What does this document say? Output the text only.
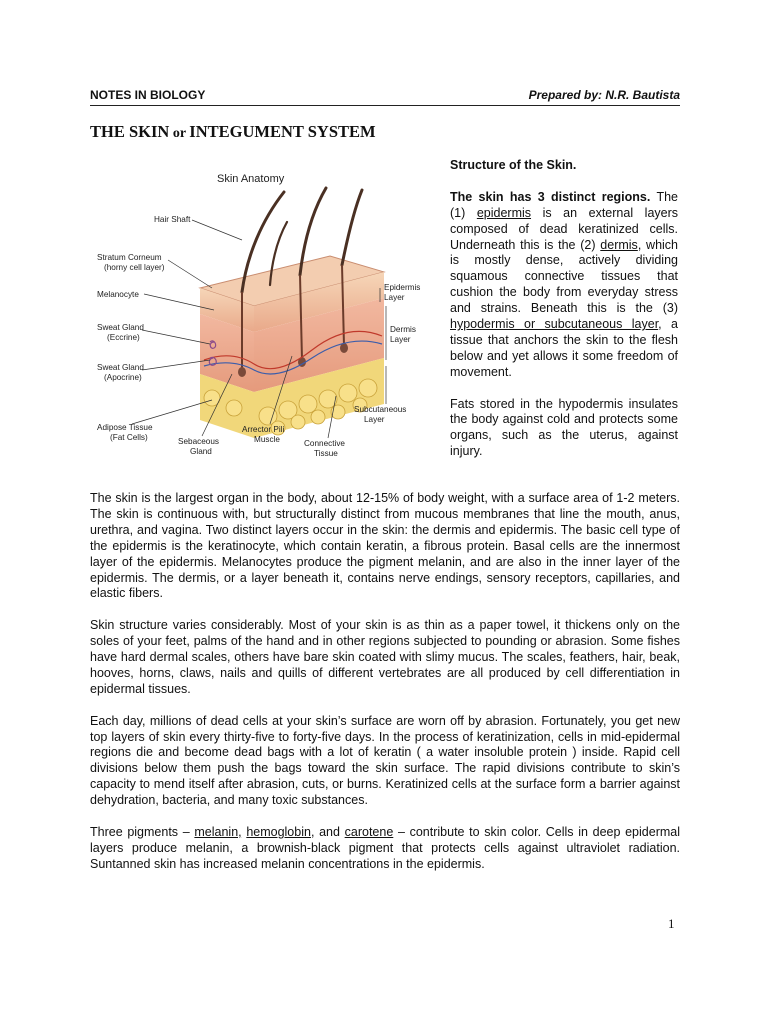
NOTES IN BIOLOGY	Prepared by: N.R. Bautista
THE SKIN or INTEGUMENT SYSTEM
Skin Anatomy
Hair Shaft
Stratum Corneum
(horny cell layer)
Melanocyte
Sweat Gland
(Eccrine)
Sweat Gland
(Apocrine)
Adipose Tissue
(Fat Cells)	Sebaceous
Gland
Arrector Pili
Muscle	Connective
Tissue
Epidermis
Layer
Dermis
Layer
Subcutaneous
Layer

Structure of the Skin.

The skin has 3 distinct regions. The (1) epidermis is an external layers composed of dead keratinized cells. Underneath this is the (2) dermis, which is mostly dense, actively dividing squamous connective tissues that cushion the body from everyday stress and strains. Beneath this is the (3) hypodermis or subcutaneous layer, a tissue that anchors the skin to the flesh below and yet allows it some freedom of movement.

Fats stored in the hypodermis insulates the body against cold and protects some organs, such as the uterus, against injury.

The skin is the largest organ in the body, about 12-15% of body weight, with a surface area of 1-2 meters. The skin is continuous with, but structurally distinct from mucous membranes that line the mouth, anus, urethra, and vagina. Two distinct layers occur in the skin: the dermis and epidermis. The basic cell type of the epidermis is the keratinocyte, which contain keratin, a fibrous protein. Basal cells are the innermost layer of the epidermis. Melanocytes produce the pigment melanin, and are also in the inner layer of the epidermis. The dermis, or a layer beneath it, contains nerve endings, sensory receptors, capillaries, and elastic fibers.

Skin structure varies considerably. Most of your skin is as thin as a paper towel, it thickens only on the soles of your feet, palms of the hand and in other regions subjected to pounding or abrasion. Some fishes have hard dermal scales, others have bare skin coated with slimy mucus. The scales, feathers, hair, beak, hooves, horns, claws, nails and quills of different vertebrates are all produced by cell differentiation in epidermal tissues.

Each day, millions of dead cells at your skin’s surface are worn off by abrasion. Fortunately, you get new top layers of skin every thirty-five to forty-five days. In the process of keratinization, cells in mid-epidermal regions die and become dead bags with a lot of keratin ( a water insoluble protein ) inside. Rapid cell divisions below them push the bags toward the skin surface. The rapid divisions contribute to skin’s capacity to mend itself after abrasion, cuts, or burns. Keratinized cells at the surface form a barrier against dehydration, bacteria, and many toxic substances.

Three pigments – melanin, hemoglobin, and carotene – contribute to skin color. Cells in deep epidermal layers produce melanin, a brownish-black pigment that protects cells against ultraviolet radiation. Suntanned skin has increased melanin concentrations in the epidermis.

1
